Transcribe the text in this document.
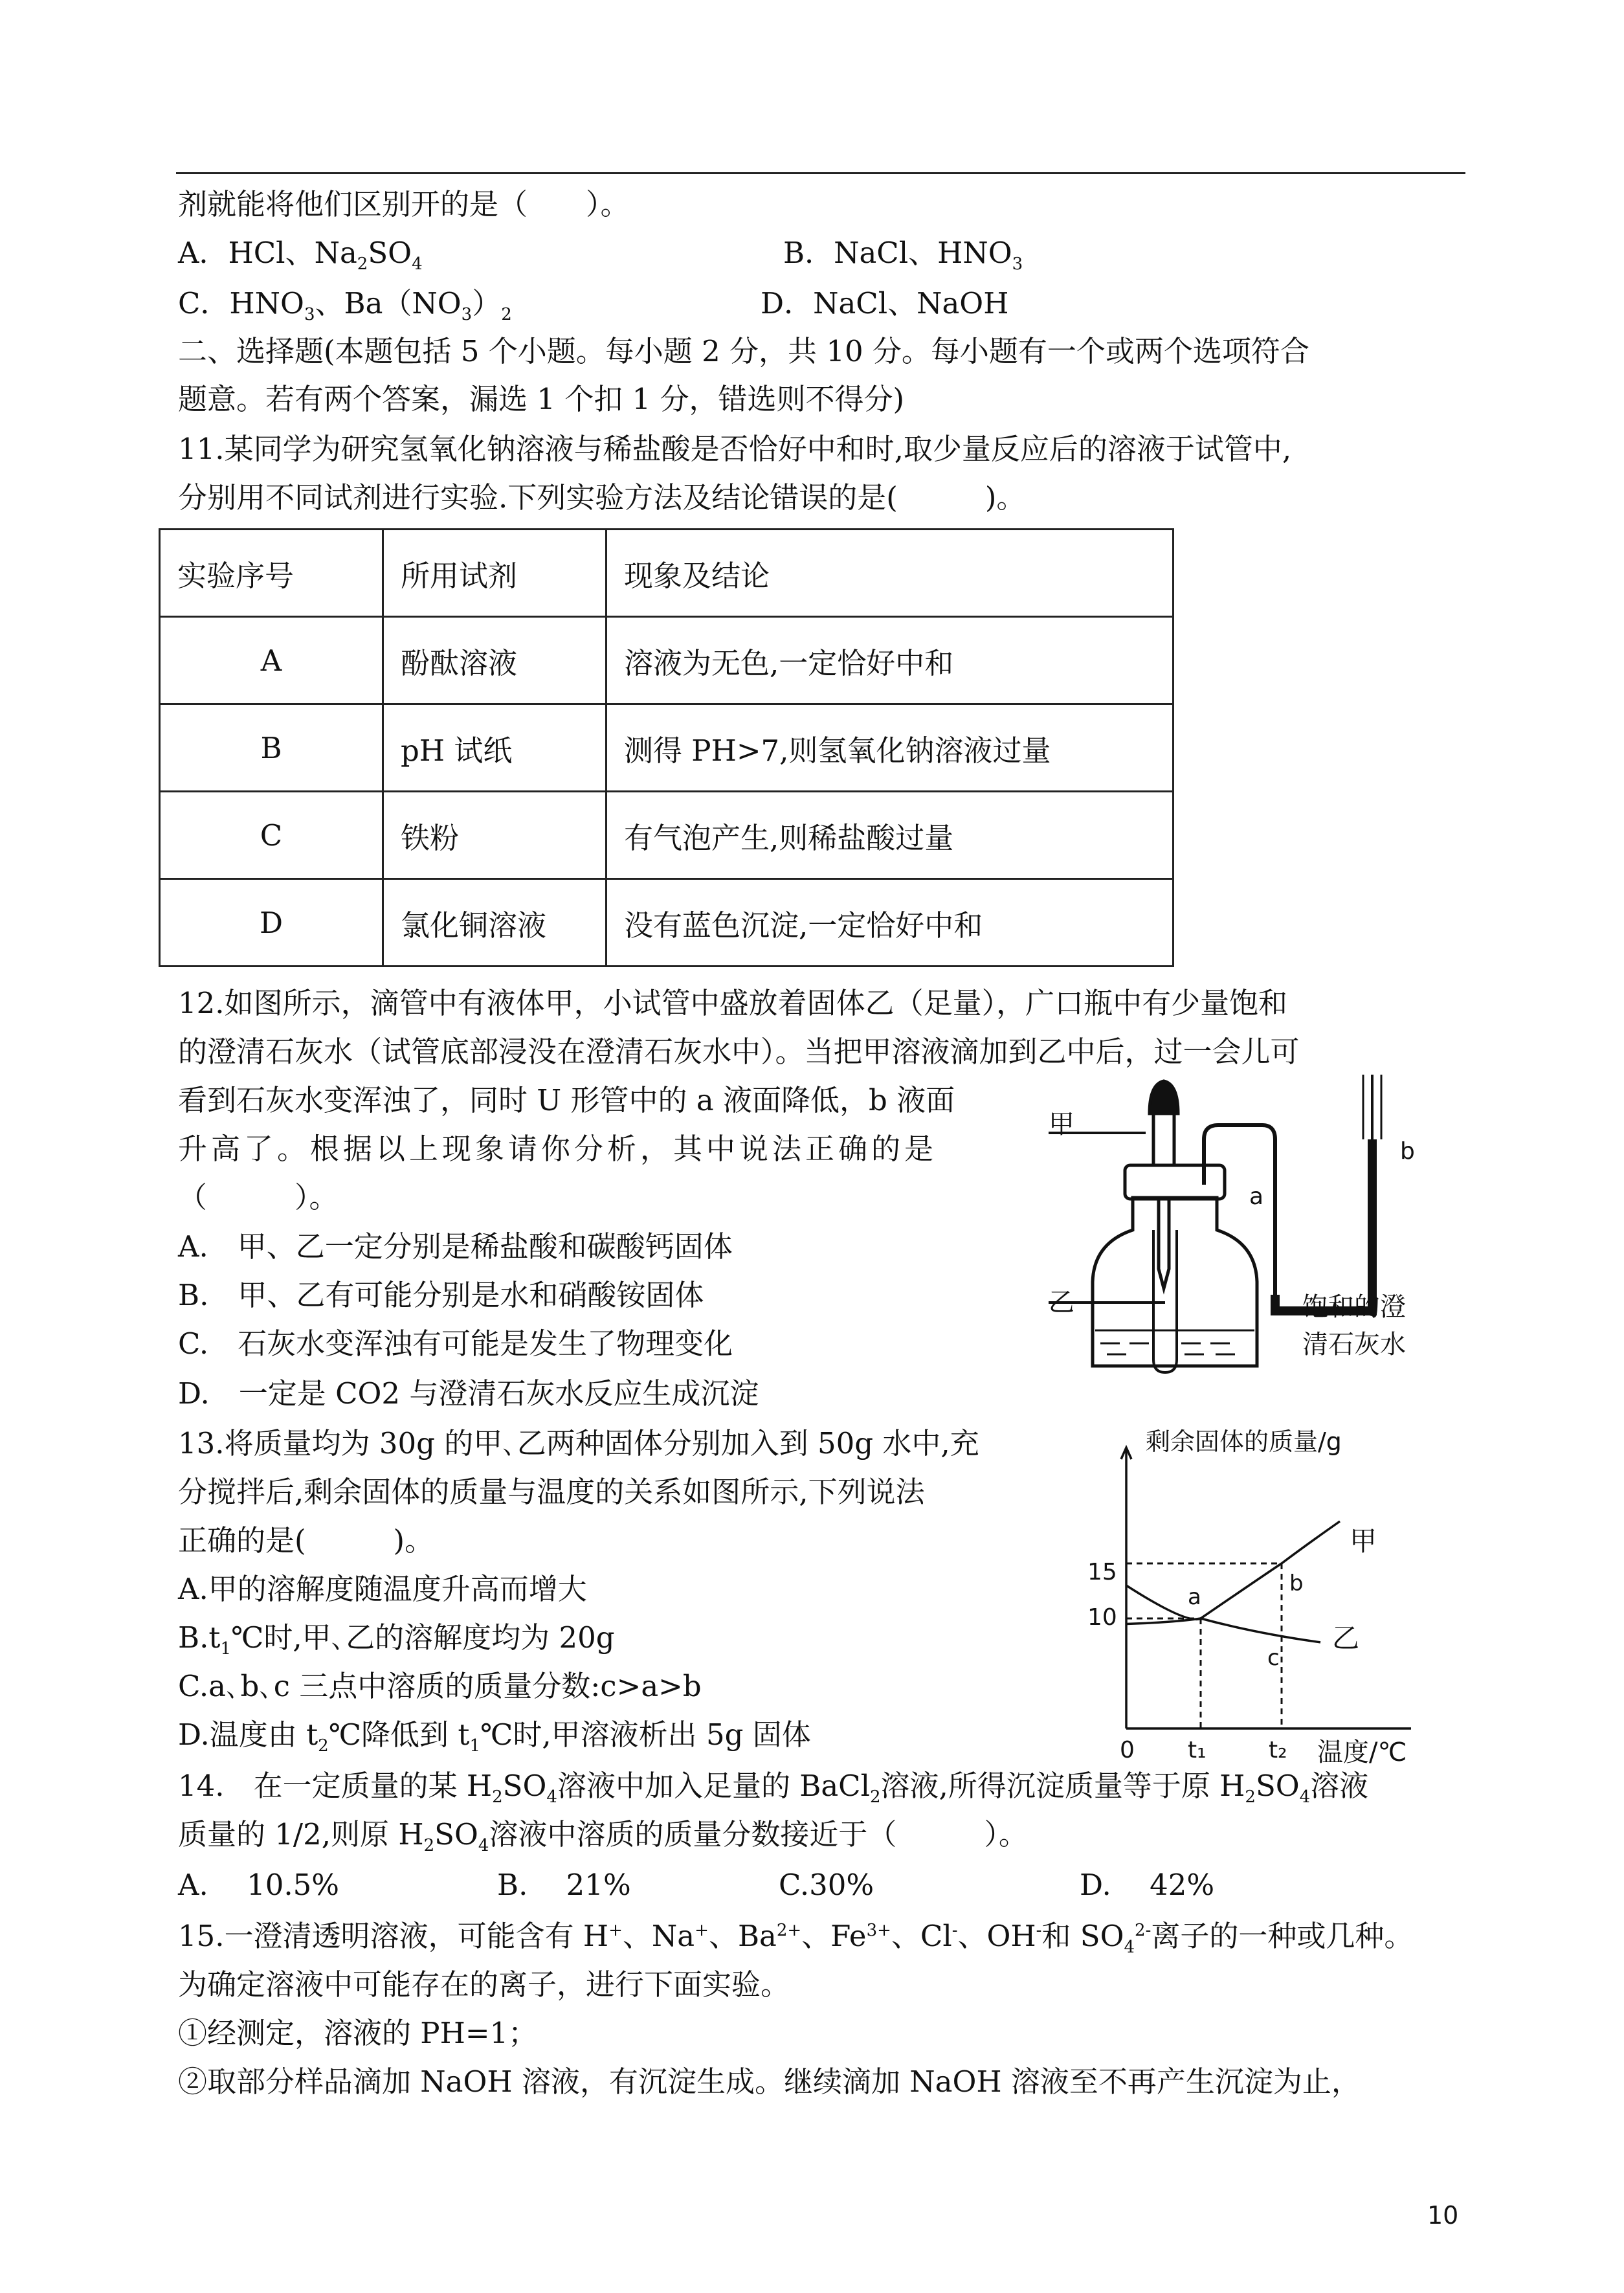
剂就能将他们区别开的是（　　）。
A．HCl、$Na_2SO_4$	B．NaCl、$HNO_3$
C．$HNO_3$、$Ba(NO_3)_2$	D．NaCl、NaOH
二、选择题(本题包括 5 个小题。每小题 2 分，共 10 分。每小题有一个或两个选项符合
题意。若有两个答案，漏选 1 个扣 1 分，错选则不得分)
11.某同学为研究氢氧化钠溶液与稀盐酸是否恰好中和时,取少量反应后的溶液于试管中,
分别用不同试剂进行实验.下列实验方法及结论错误的是(　　　)。
实验序号	所用试剂	现象及结论
A	酚酞溶液	溶液为无色,一定恰好中和
B	pH 试纸	测得 PH>7,则氢氧化钠溶液过量
C	铁粉	有气泡产生,则稀盐酸过量
D	氯化铜溶液	没有蓝色沉淀,一定恰好中和
12.如图所示，滴管中有液体甲，小试管中盛放着固体乙（足量），广口瓶中有少量饱和
的澄清石灰水（试管底部浸没在澄清石灰水中）。当把甲溶液滴加到乙中后，过一会儿可
看到石灰水变浑浊了，同时 U 形管中的 a 液面降低，b 液面
升高了。根据以上现象请你分析，其中说法正确的是
（　　　）。
A.　甲、乙一定分别是稀盐酸和碳酸钙固体
B.　甲、乙有可能分别是水和硝酸铵固体
C.　石灰水变浑浊有可能是发生了物理变化
D.　一定是 CO2 与澄清石灰水反应生成沉淀
甲
乙
a
b
饱和的澄
清石灰水
13.将质量均为 30g 的甲､乙两种固体分别加入到 50g 水中,充
分搅拌后,剩余固体的质量与温度的关系如图所示,下列说法
正确的是(　　　)。
A.甲的溶解度随温度升高而增大
$B.t_1℃$时,甲､乙的溶解度均为 20g
C.a､b､c 三点中溶质的质量分数:c>a>b
D.温度由 $t_2℃$降低到 $t_1℃$时,甲溶液析出 5g 固体
剩余固体的质量/g
温度/℃
0
15
10
t₁	t₂
甲
乙
a
b
c
14.　在一定质量的某 $H_2SO_4$溶液中加入足量的 BaCl$_2$溶液,所得沉淀质量等于原 $H_2SO_4$溶液
质量的 1/2,则原 $H_2SO_4$溶液中溶质的质量分数接近于（　　　）。
A.　 10.5%	B.　 21%	C.30%	D.　 42%
15.一澄清透明溶液，可能含有 H+、Na+、$Ba^{2+}$、$Fe^{3+}$、Cl-、OH-和 $SO_4^{2-}$离子的一种或几种。
为确定溶液中可能存在的离子，进行下面实验。
①经测定，溶液的 PH=1；
②取部分样品滴加 NaOH 溶液，有沉淀生成。继续滴加 NaOH 溶液至不再产生沉淀为止，
10
